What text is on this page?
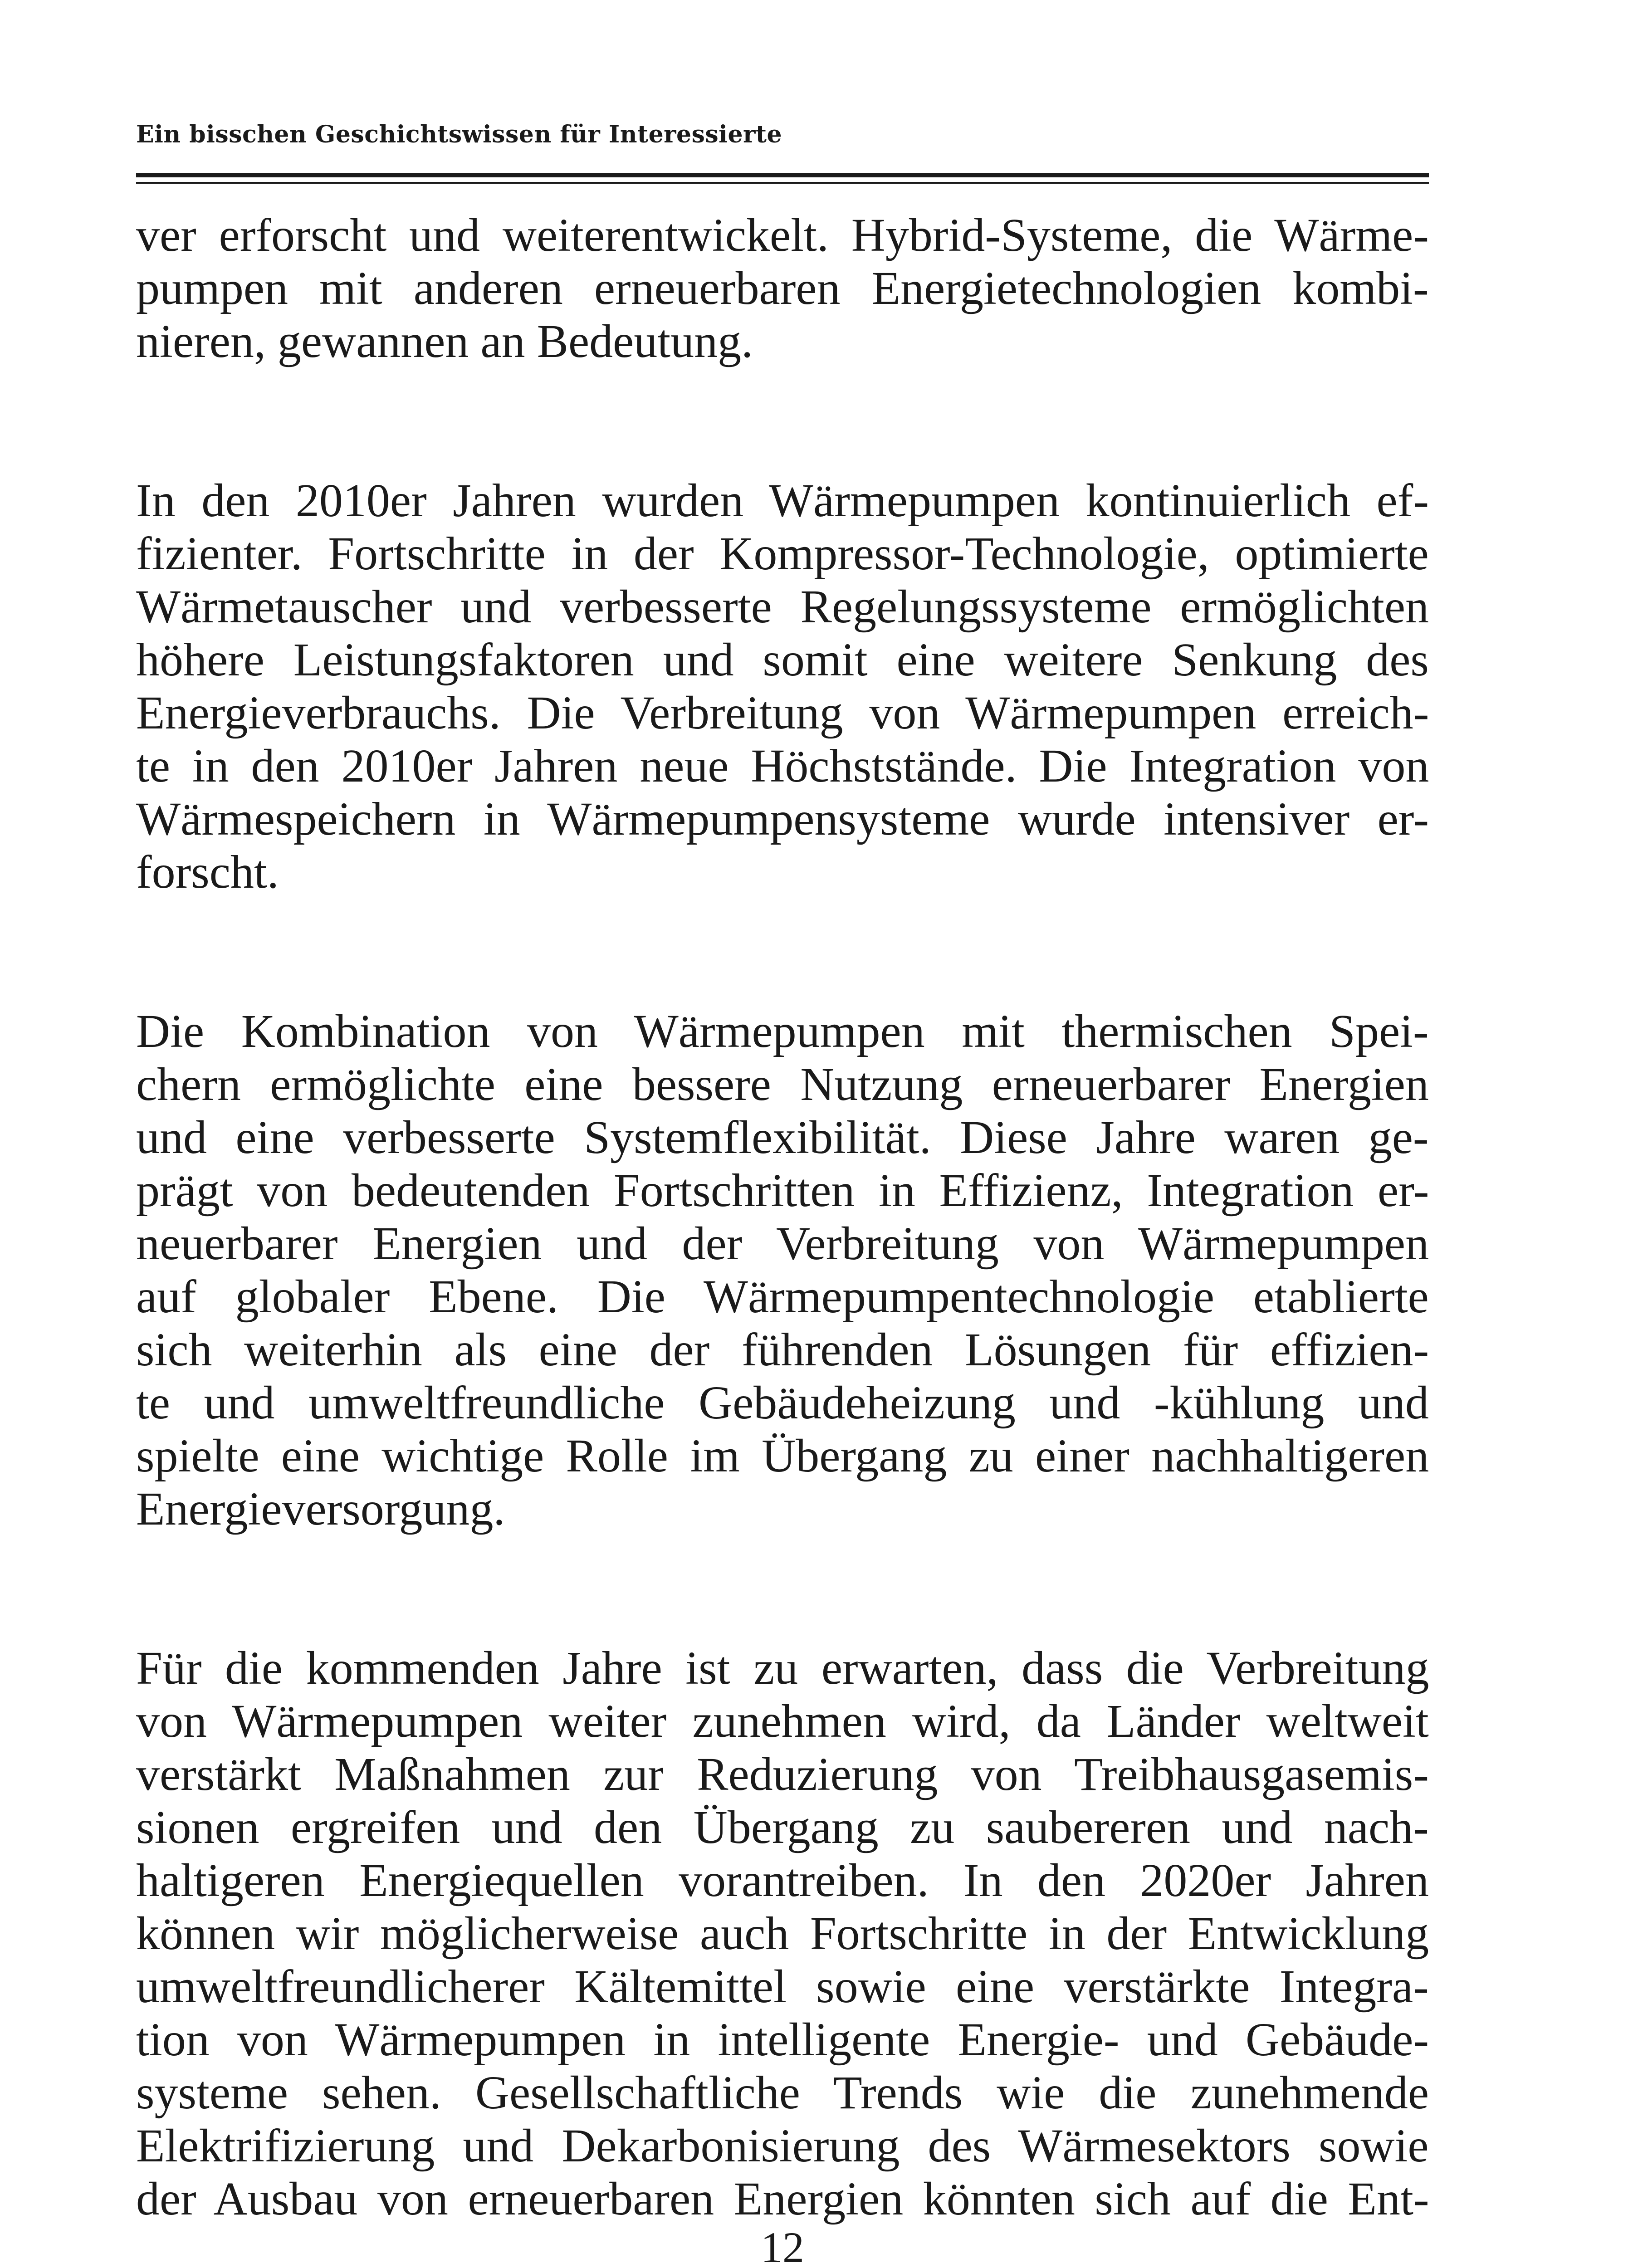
Ein bisschen Geschichtswissen für Interessierte

ver erforscht und weiterentwickelt. Hybrid-Systeme, die Wärme-
pumpen mit anderen erneuerbaren Energietechnologien kombi-
nieren, gewannen an Bedeutung.

In den 2010er Jahren wurden Wärmepumpen kontinuierlich ef-
fizienter. Fortschritte in der Kompressor-Technologie, optimierte
Wärmetauscher und verbesserte Regelungssysteme ermöglichten
höhere Leistungsfaktoren und somit eine weitere Senkung des
Energieverbrauchs. Die Verbreitung von Wärmepumpen erreich-
te in den 2010er Jahren neue Höchststände. Die Integration von
Wärmespeichern in Wärmepumpensysteme wurde intensiver er-
forscht.

Die Kombination von Wärmepumpen mit thermischen Spei-
chern ermöglichte eine bessere Nutzung erneuerbarer Energien
und eine verbesserte Systemflexibilität. Diese Jahre waren ge-
prägt von bedeutenden Fortschritten in Effizienz, Integration er-
neuerbarer Energien und der Verbreitung von Wärmepumpen
auf globaler Ebene. Die Wärmepumpentechnologie etablierte
sich weiterhin als eine der führenden Lösungen für effizien-
te und umweltfreundliche Gebäudeheizung und -kühlung und
spielte eine wichtige Rolle im Übergang zu einer nachhaltigeren
Energieversorgung.

Für die kommenden Jahre ist zu erwarten, dass die Verbreitung
von Wärmepumpen weiter zunehmen wird, da Länder weltweit
verstärkt Maßnahmen zur Reduzierung von Treibhausgasemis-
sionen ergreifen und den Übergang zu saubereren und nach-
haltigeren Energiequellen vorantreiben. In den 2020er Jahren
können wir möglicherweise auch Fortschritte in der Entwicklung
umweltfreundlicherer Kältemittel sowie eine verstärkte Integra-
tion von Wärmepumpen in intelligente Energie- und Gebäude-
systeme sehen. Gesellschaftliche Trends wie die zunehmende
Elektrifizierung und Dekarbonisierung des Wärmesektors sowie
der Ausbau von erneuerbaren Energien könnten sich auf die Ent-

12
